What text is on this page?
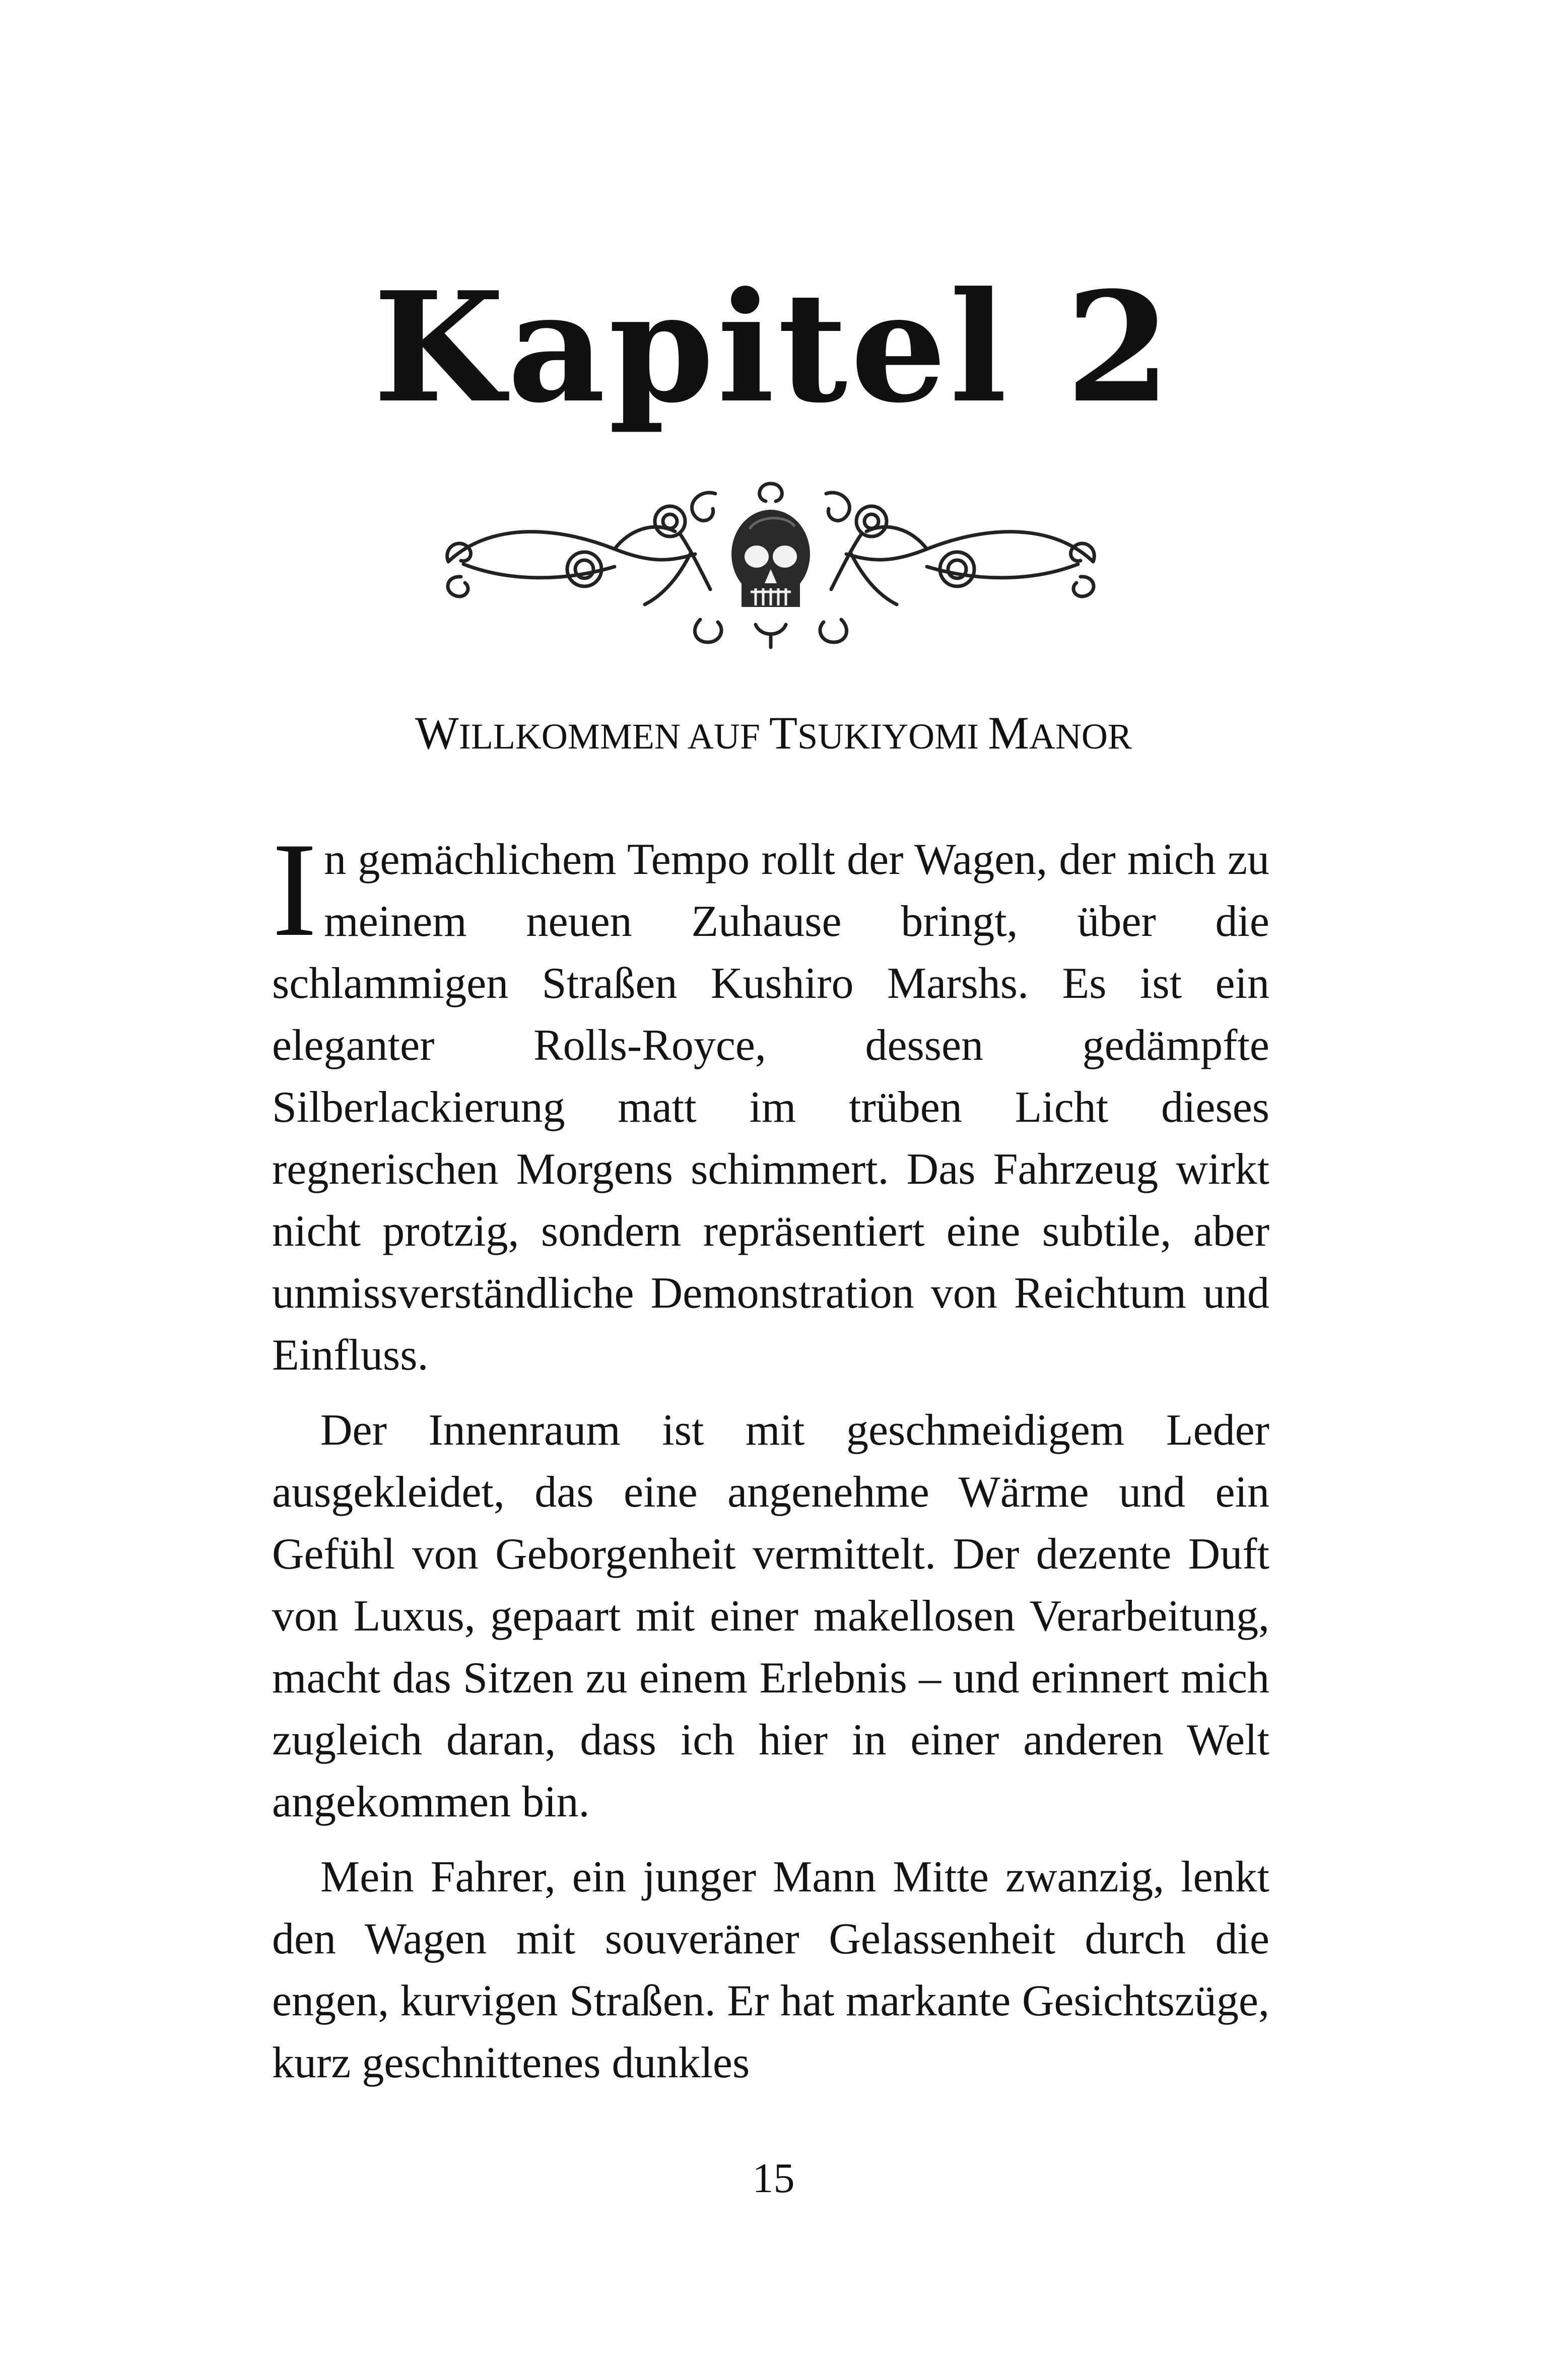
Kapitel 2
WILLKOMMEN AUF TSUKIYOMI MANOR

In gemächlichem Tempo rollt der Wagen, der mich zu meinem neuen Zuhause bringt, über die schlammigen Straßen Kushiro Marshs. Es ist ein eleganter Rolls-Royce, dessen gedämpfte Silberlackierung matt im trüben Licht dieses regnerischen Morgens schimmert. Das Fahrzeug wirkt nicht protzig, sondern repräsentiert eine subtile, aber unmissverständliche Demonstration von Reichtum und Einfluss.

Der Innenraum ist mit geschmeidigem Leder ausgekleidet, das eine angenehme Wärme und ein Gefühl von Geborgenheit vermittelt. Der dezente Duft von Luxus, gepaart mit einer makellosen Verarbeitung, macht das Sitzen zu einem Erlebnis – und erinnert mich zugleich daran, dass ich hier in einer anderen Welt angekommen bin.

Mein Fahrer, ein junger Mann Mitte zwanzig, lenkt den Wagen mit souveräner Gelassenheit durch die engen, kurvigen Straßen. Er hat markante Gesichtszüge, kurz geschnittenes dunkles

15
